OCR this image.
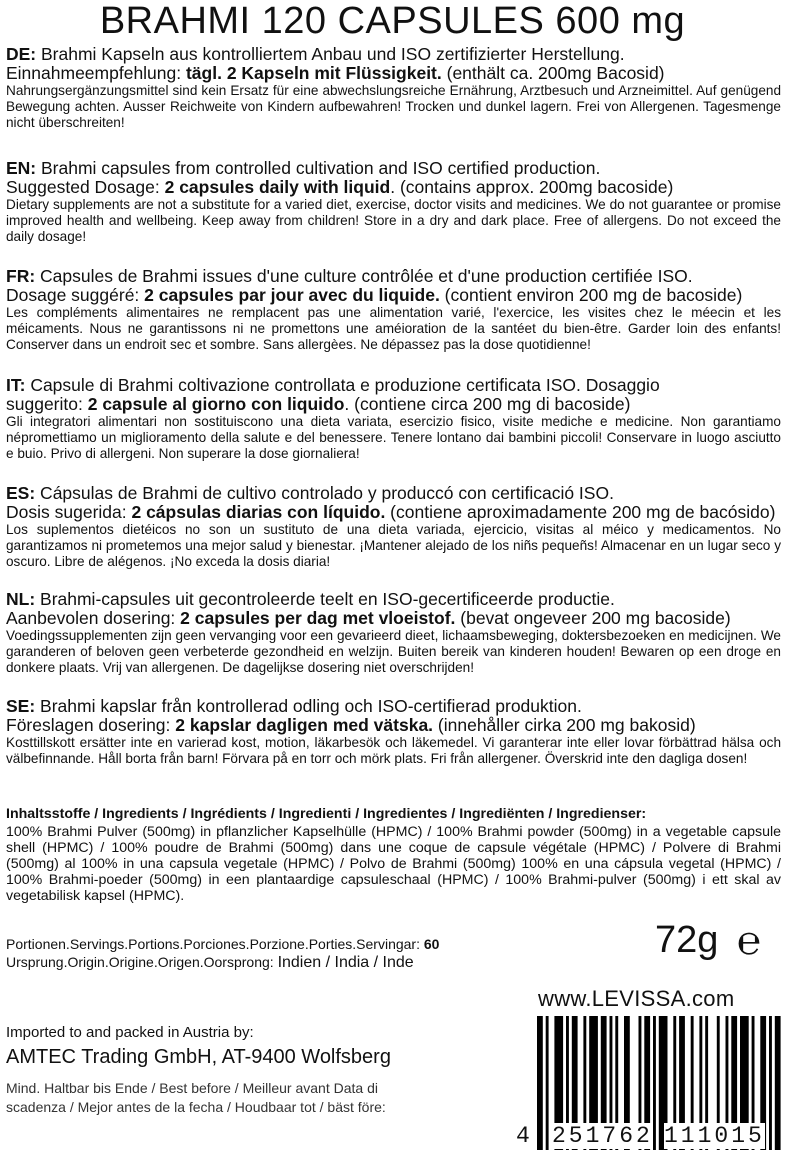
BRAHMI 120 CAPSULES 600 mg
DE: Brahmi Kapseln aus kontrolliertem Anbau und ISO zertifizierter Herstellung.
Einnahmeempfehlung: tägl. 2 Kapseln mit Flüssigkeit. (enthält ca. 200mg Bacosid)
Nahrungsergänzungsmittel sind kein Ersatz für eine abwechslungsreiche Ernährung, Arztbesuch und Arzneimittel. Auf genügend Bewegung achten. Ausser Reichweite von Kindern aufbewahren! Trocken und dunkel lagern. Frei von Allergenen. Tagesmenge nicht überschreiten!
EN: Brahmi capsules from controlled cultivation and ISO certified production.
Suggested Dosage: 2 capsules daily with liquid. (contains approx. 200mg bacoside)
Dietary supplements are not a substitute for a varied diet, exercise, doctor visits and medicines. We do not guarantee or promise improved health and wellbeing. Keep away from children! Store in a dry and dark place. Free of allergens. Do not exceed the daily dosage!
FR: Capsules de Brahmi issues d'une culture contrôlée et d'une production certifiée ISO.
Dosage suggéré: 2 capsules par jour avec du liquide. (contient environ 200 mg de bacoside)
Les compléments alimentaires ne remplacent pas une alimentation varié, l'exercice, les visites chez le méecin et les méicaments. Nous ne garantissons ni ne promettons une améioration de la santéet du bien-être. Garder loin des enfants! Conserver dans un endroit sec et sombre. Sans allergèes. Ne dépassez pas la dose quotidienne!
IT: Capsule di Brahmi coltivazione controllata e produzione certificata ISO. Dosaggio
suggerito: 2 capsule al giorno con liquido. (contiene circa 200 mg di bacoside)
Gli integratori alimentari non sostituiscono una dieta variata, esercizio fisico, visite mediche e medicine. Non garantiamo népromettiamo un miglioramento della salute e del benessere. Tenere lontano dai bambini piccoli! Conservare in luogo asciutto e buio. Privo di allergeni. Non superare la dose giornaliera!
ES: Cápsulas de Brahmi de cultivo controlado y produccó con certificació ISO.
Dosis sugerida: 2 cápsulas diarias con líquido. (contiene aproximadamente 200 mg de bacósido)
Los suplementos dietéicos no son un sustituto de una dieta variada, ejercicio, visitas al méico y medicamentos. No garantizamos ni prometemos una mejor salud y bienestar. ¡Mantener alejado de los niñs pequeñs! Almacenar en un lugar seco y oscuro. Libre de alégenos. ¡No exceda la dosis diaria!
NL: Brahmi-capsules uit gecontroleerde teelt en ISO-gecertificeerde productie.
Aanbevolen dosering: 2 capsules per dag met vloeistof. (bevat ongeveer 200 mg bacoside)
Voedingssupplementen zijn geen vervanging voor een gevarieerd dieet, lichaamsbeweging, doktersbezoeken en medicijnen. We garanderen of beloven geen verbeterde gezondheid en welzijn. Buiten bereik van kinderen houden! Bewaren op een droge en donkere plaats. Vrij van allergenen. De dagelijkse dosering niet overschrijden!
SE: Brahmi kapslar från kontrollerad odling och ISO-certifierad produktion.
Föreslagen dosering: 2 kapslar dagligen med vätska. (innehåller cirka 200 mg bakosid)
Kosttillskott ersätter inte en varierad kost, motion, läkarbesök och läkemedel. Vi garanterar inte eller lovar förbättrad hälsa och välbefinnande. Håll borta från barn! Förvara på en torr och mörk plats. Fri från allergener. Överskrid inte den dagliga dosen!
Inhaltsstoffe / Ingredients / Ingrédients / Ingredienti / Ingredientes / Ingrediënten / Ingredienser:
100% Brahmi Pulver (500mg) in pflanzlicher Kapselhülle (HPMC) / 100% Brahmi powder (500mg) in a vegetable capsule shell (HPMC) / 100% poudre de Brahmi (500mg) dans une coque de capsule végétale (HPMC) / Polvere di Brahmi (500mg) al 100% in una capsula vegetale (HPMC) / Polvo de Brahmi (500mg) 100% en una cápsula vegetal (HPMC) / 100% Brahmi-poeder (500mg) in een plantaardige capsuleschaal (HPMC) / 100% Brahmi-pulver (500mg) i ett skal av vegetabilisk kapsel (HPMC).
Portionen.Servings.Portions.Porciones.Porzione.Porties.Servingar: 60
Ursprung.Origin.Origine.Origen.Oorsprong: Indien / India / Inde
72g ℮
www.LEVISSA.com
Imported to and packed in Austria by:
AMTEC Trading GmbH, AT-9400 Wolfsberg
Mind. Haltbar bis Ende / Best before / Meilleur avant Data di scadenza / Mejor antes de la fecha / Houdbaar tot / bäst före:
4 251762 111015
